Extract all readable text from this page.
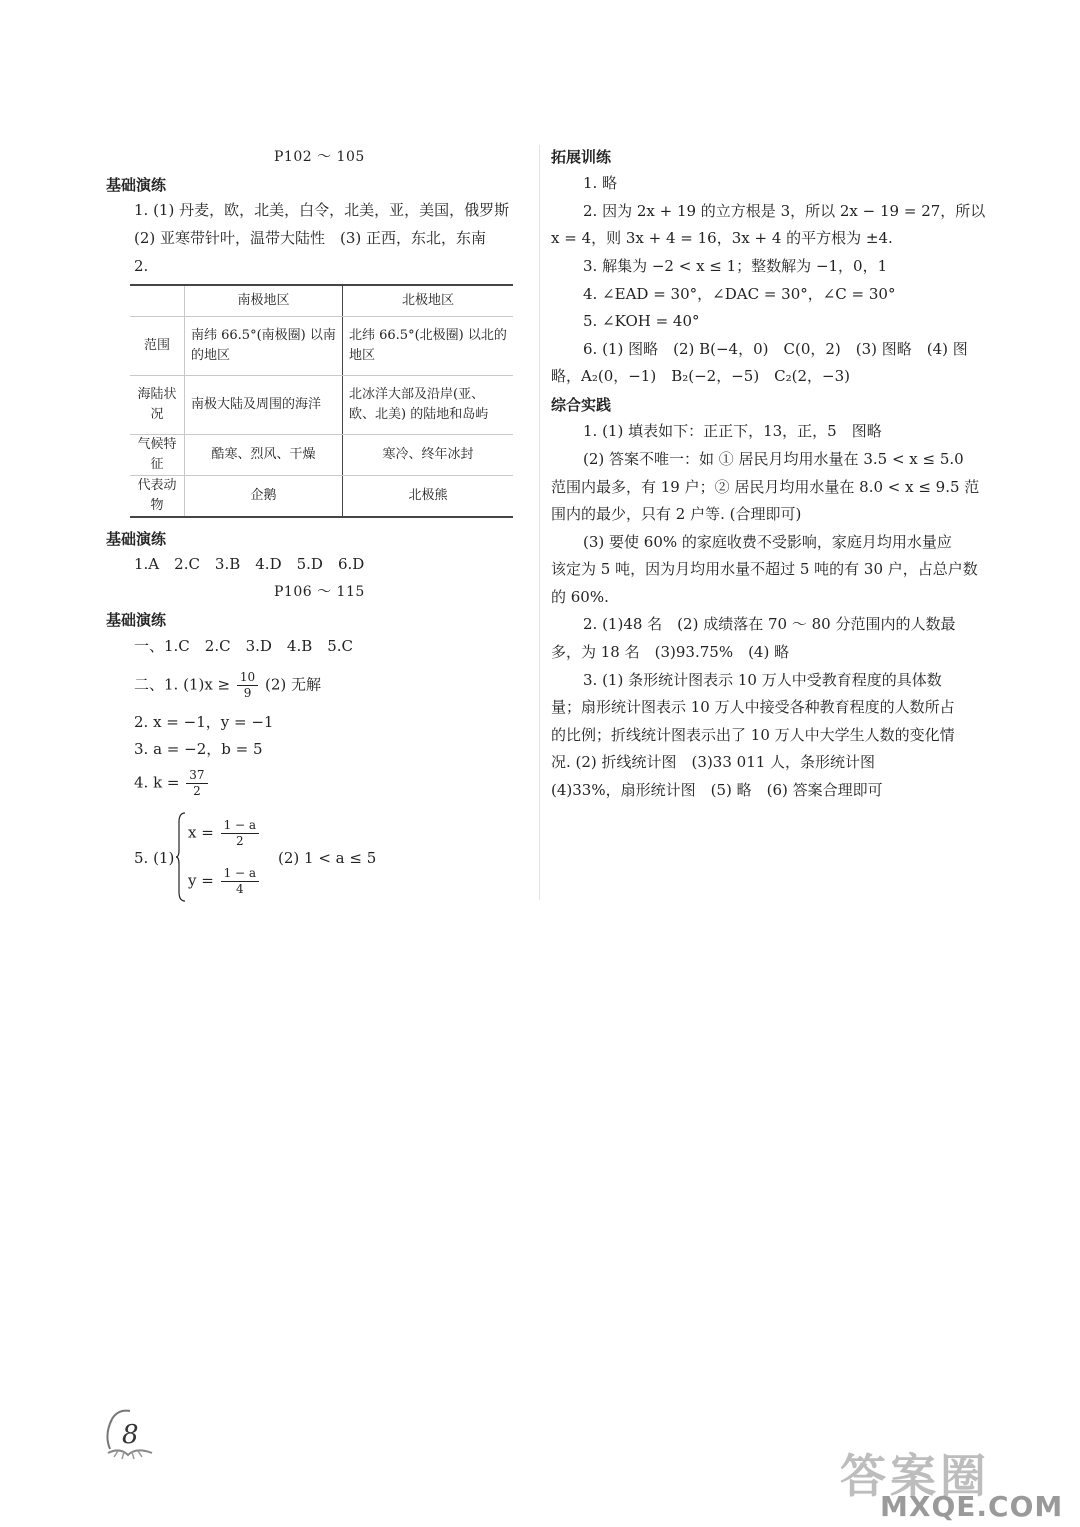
P102 ～ 105
基础演练
1. (1) 丹麦，欧，北美，白令，北美，亚，美国，俄罗斯
(2) 亚寒带针叶，温带大陆性　(3) 正西，东北，东南
2.
	南极地区	北极地区
范围	南纬 66.5°(南极圈) 以南的地区	北纬 66.5°(北极圈) 以北的地区
海陆状况	南极大陆及周围的海洋	北冰洋大部及沿岸(亚、欧、北美) 的陆地和岛屿
气候特征	酷寒、烈风、干燥	寒冷、终年冰封
代表动物	企鹅	北极熊
基础演练
1.A　2.C　3.B　4.D　5.D　6.D
P106 ～ 115
基础演练
一、1.C　2.C　3.D　4.B　5.C
二、1. $(1)x \ge \frac{10}{9} (2)$ 无解
2. x = −1，y = −1
3. a = −2，b = 5
4. $k = \frac{37}{2}$
5. (1)
$x = \frac{1 - a}{2}$
$y = \frac{1 - a}{4}$
(2) 1 < a ≤ 5
拓展训练
1. 略
2. 因为 2x + 19 的立方根是 3，所以 2x − 19 = 27，所以
x = 4，则 3x + 4 = 16，3x + 4 的平方根为 ±4.
3. 解集为 −2 < x ≤ 1；整数解为 −1，0，1
4. ∠EAD = 30°，∠DAC = 30°，∠C = 30°
5. ∠KOH = 40°
6. (1) 图略　(2) B(−4，0)　C(0，2)　(3) 图略　(4) 图
略，A₂(0，−1)　B₂(−2，−5)　C₂(2，−3)
综合实践
1. (1) 填表如下：正正下，13，正，5　图略
(2) 答案不唯一：如 ① 居民月均用水量在 3.5 < x ≤ 5.0
范围内最多，有 19 户；② 居民月均用水量在 8.0 < x ≤ 9.5 范
围内的最少，只有 2 户等. (合理即可)
(3) 要使 60% 的家庭收费不受影响，家庭月均用水量应
该定为 5 吨，因为月均用水量不超过 5 吨的有 30 户，占总户数
的 60%.
2. (1)48 名　(2) 成绩落在 70 ～ 80 分范围内的人数最
多，为 18 名　(3)93.75%　(4) 略
3. (1) 条形统计图表示 10 万人中受教育程度的具体数
量；扇形统计图表示 10 万人中接受各种教育程度的人数所占
的比例；折线统计图表示出了 10 万人中大学生人数的变化情
况. (2) 折线统计图　(3)33 011 人，条形统计图
(4)33%，扇形统计图　(5) 略　(6) 答案合理即可
8
答案圈
MXQE.COM
